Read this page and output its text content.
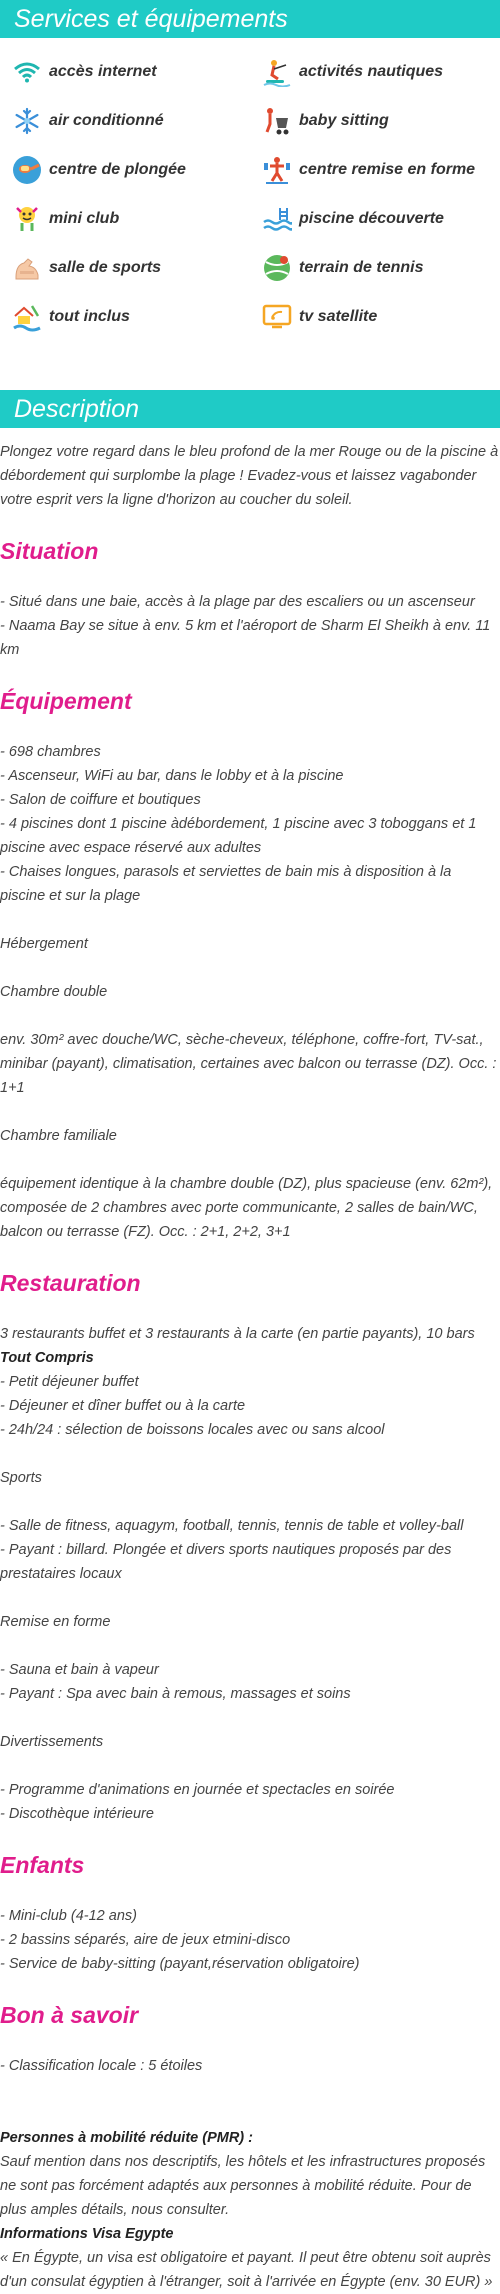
Services et équipements
accès internet	activités nautiques
air conditionné	baby sitting
centre de plongée	centre remise en forme
mini club	piscine découverte
salle de sports	terrain de tennis
tout inclus	tv satellite
Description

Plongez votre regard dans le bleu profond de la mer Rouge ou de la piscine à débordement qui surplombe la plage ! Evadez-vous et laissez vagabonder votre esprit vers la ligne d'horizon au coucher du soleil.

Situation

- Situé dans une baie, accès à la plage par des escaliers ou un ascenseur

- Naama Bay se situe à env. 5 km et l'aéroport de Sharm El Sheikh à env. 11 km

Équipement

- 698 chambres

- Ascenseur, WiFi au bar, dans le lobby et à la piscine

- Salon de coiffure et boutiques

- 4 piscines dont 1 piscine àdébordement, 1 piscine avec 3 toboggans et 1 piscine avec espace réservé aux adultes

- Chaises longues, parasols et serviettes de bain mis à disposition à la piscine et sur la plage

Hébergement

Chambre double

env. 30m² avec douche/WC, sèche-cheveux, téléphone, coffre-fort, TV-sat., minibar (payant), climatisation, certaines avec balcon ou terrasse (DZ). Occ. : 1+1

Chambre familiale

équipement identique à la chambre double (DZ), plus spacieuse (env. 62m²), composée de 2 chambres avec porte communicante, 2 salles de bain/WC, balcon ou terrasse (FZ). Occ. : 2+1, 2+2, 3+1

Restauration

3 restaurants buffet et 3 restaurants à la carte (en partie payants), 10 bars

Tout Compris

- Petit déjeuner buffet

- Déjeuner et dîner buffet ou à la carte

- 24h/24 : sélection de boissons locales avec ou sans alcool

Sports

- Salle de fitness, aquagym, football, tennis, tennis de table et volley-ball

- Payant : billard. Plongée et divers sports nautiques proposés par des prestataires locaux

Remise en forme

- Sauna et bain à vapeur

- Payant : Spa avec bain à remous, massages et soins

Divertissements

- Programme d'animations en journée et spectacles en soirée

- Discothèque intérieure

Enfants

- Mini-club (4-12 ans)

- 2 bassins séparés, aire de jeux etmini-disco

- Service de baby-sitting (payant,réservation obligatoire)

Bon à savoir

- Classification locale : 5 étoiles

Personnes à mobilité réduite (PMR) :

Sauf mention dans nos descriptifs, les hôtels et les infrastructures proposés ne sont pas forcément adaptés aux personnes à mobilité réduite. Pour de plus amples détails, nous consulter.

Informations Visa Egypte

« En Égypte, un visa est obligatoire et payant. Il peut être obtenu soit auprès d'un consulat égyptien à l'étranger, soit à l'arrivée en Égypte (env. 30 EUR) »
